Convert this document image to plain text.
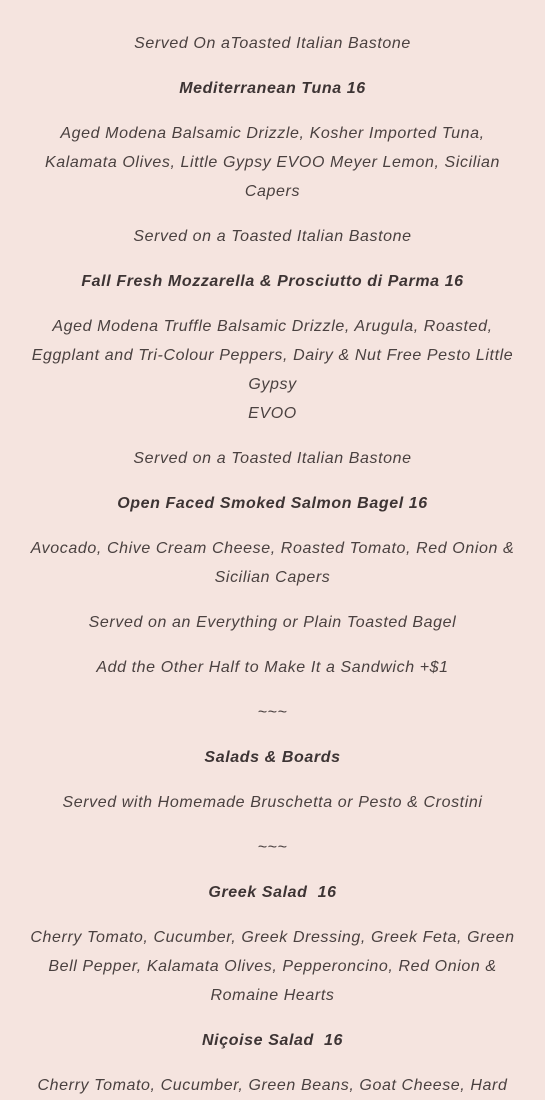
Served On aToasted Italian Bastone

Mediterranean Tuna 16

Aged Modena Balsamic Drizzle, Kosher Imported Tuna, Kalamata Olives, Little Gypsy EVOO Meyer Lemon, Sicilian Capers

Served on a Toasted Italian Bastone

Fall Fresh Mozzarella & Prosciutto di Parma 16

Aged Modena Truffle Balsamic Drizzle, Arugula, Roasted, Eggplant and Tri-Colour Peppers, Dairy & Nut Free Pesto Little Gypsy
EVOO

Served on a Toasted Italian Bastone

Open Faced Smoked Salmon Bagel 16

Avocado, Chive Cream Cheese, Roasted Tomato, Red Onion & Sicilian Capers

Served on an Everything or Plain Toasted Bagel

Add the Other Half to Make It a Sandwich +$1

~~~

Salads & Boards

Served with Homemade Bruschetta or Pesto & Crostini

~~~

Greek Salad  16

Cherry Tomato, Cucumber, Greek Dressing, Greek Feta, Green Bell Pepper, Kalamata Olives, Pepperoncino, Red Onion & Romaine Hearts

Niçoise Salad  16

Cherry Tomato, Cucumber, Green Beans, Goat Cheese, Hard
